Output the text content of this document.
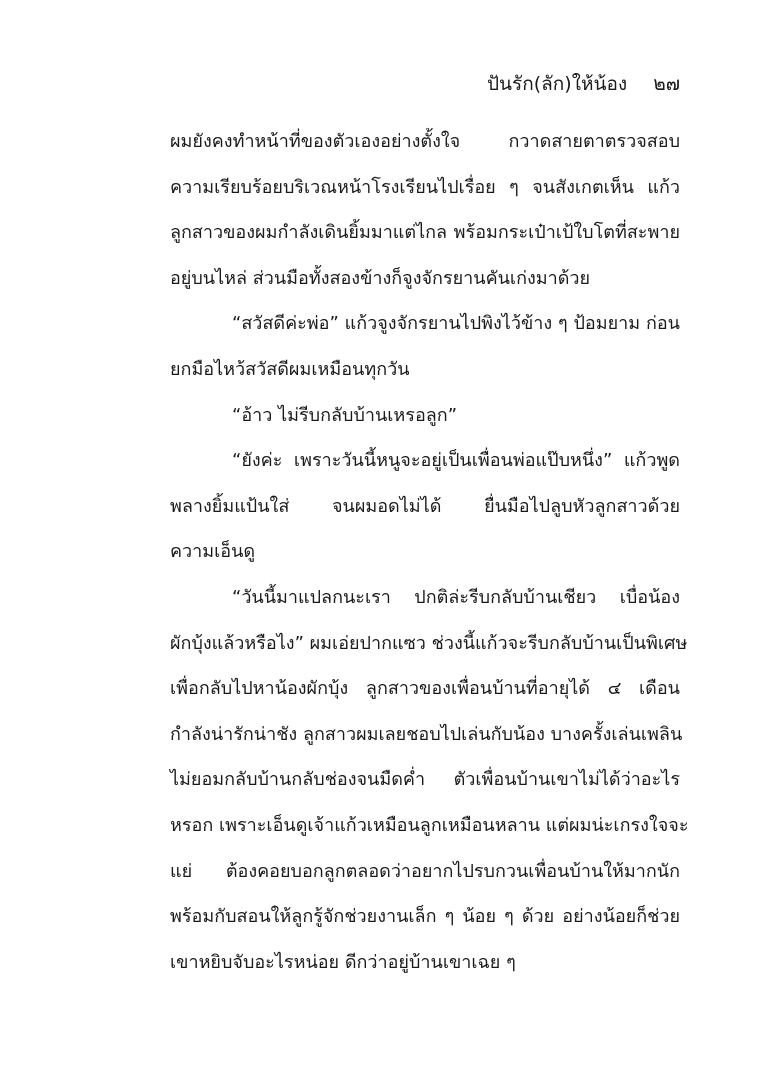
ปันรัก(ลัก)ให้น้อง ๒๗
ผมยังคงทำหน้าที่ของตัวเองอย่างตั้งใจ กวาดสายตาตรวจสอบ
ความเรียบร้อยบริเวณหน้าโรงเรียนไปเรื่อย ๆ จนสังเกตเห็น แก้ว
ลูกสาวของผมกำลังเดินยิ้มมาแต่ไกล พร้อมกระเป๋าเป้ใบโตที่สะพาย
อยู่บนไหล่ ส่วนมือทั้งสองข้างก็จูงจักรยานคันเก่งมาด้วย
“สวัสดีค่ะพ่อ” แก้วจูงจักรยานไปพิงไว้ข้าง ๆ ป้อมยาม ก่อน
ยกมือไหว้สวัสดีผมเหมือนทุกวัน
“อ้าว ไม่รีบกลับบ้านเหรอลูก”
“ยังค่ะ เพราะวันนี้หนูจะอยู่เป็นเพื่อนพ่อแป๊บหนึ่ง” แก้วพูด
พลางยิ้มแป้นใส่ จนผมอดไม่ได้ ยื่นมือไปลูบหัวลูกสาวด้วย
ความเอ็นดู
“วันนี้มาแปลกนะเรา ปกติล่ะรีบกลับบ้านเชียว เบื่อน้อง
ผักบุ้งแล้วหรือไง” ผมเอ่ยปากแซว ช่วงนี้แก้วจะรีบกลับบ้านเป็นพิเศษ
เพื่อกลับไปหาน้องผักบุ้ง ลูกสาวของเพื่อนบ้านที่อายุได้ ๔ เดือน
กำลังน่ารักน่าชัง ลูกสาวผมเลยชอบไปเล่นกับน้อง บางครั้งเล่นเพลิน
ไม่ยอมกลับบ้านกลับช่องจนมืดค่ำ ตัวเพื่อนบ้านเขาไม่ได้ว่าอะไร
หรอก เพราะเอ็นดูเจ้าแก้วเหมือนลูกเหมือนหลาน แต่ผมน่ะเกรงใจจะ
แย่ ต้องคอยบอกลูกตลอดว่าอยากไปรบกวนเพื่อนบ้านให้มากนัก
พร้อมกับสอนให้ลูกรู้จักช่วยงานเล็ก ๆ น้อย ๆ ด้วย อย่างน้อยก็ช่วย
เขาหยิบจับอะไรหน่อย ดีกว่าอยู่บ้านเขาเฉย ๆ
